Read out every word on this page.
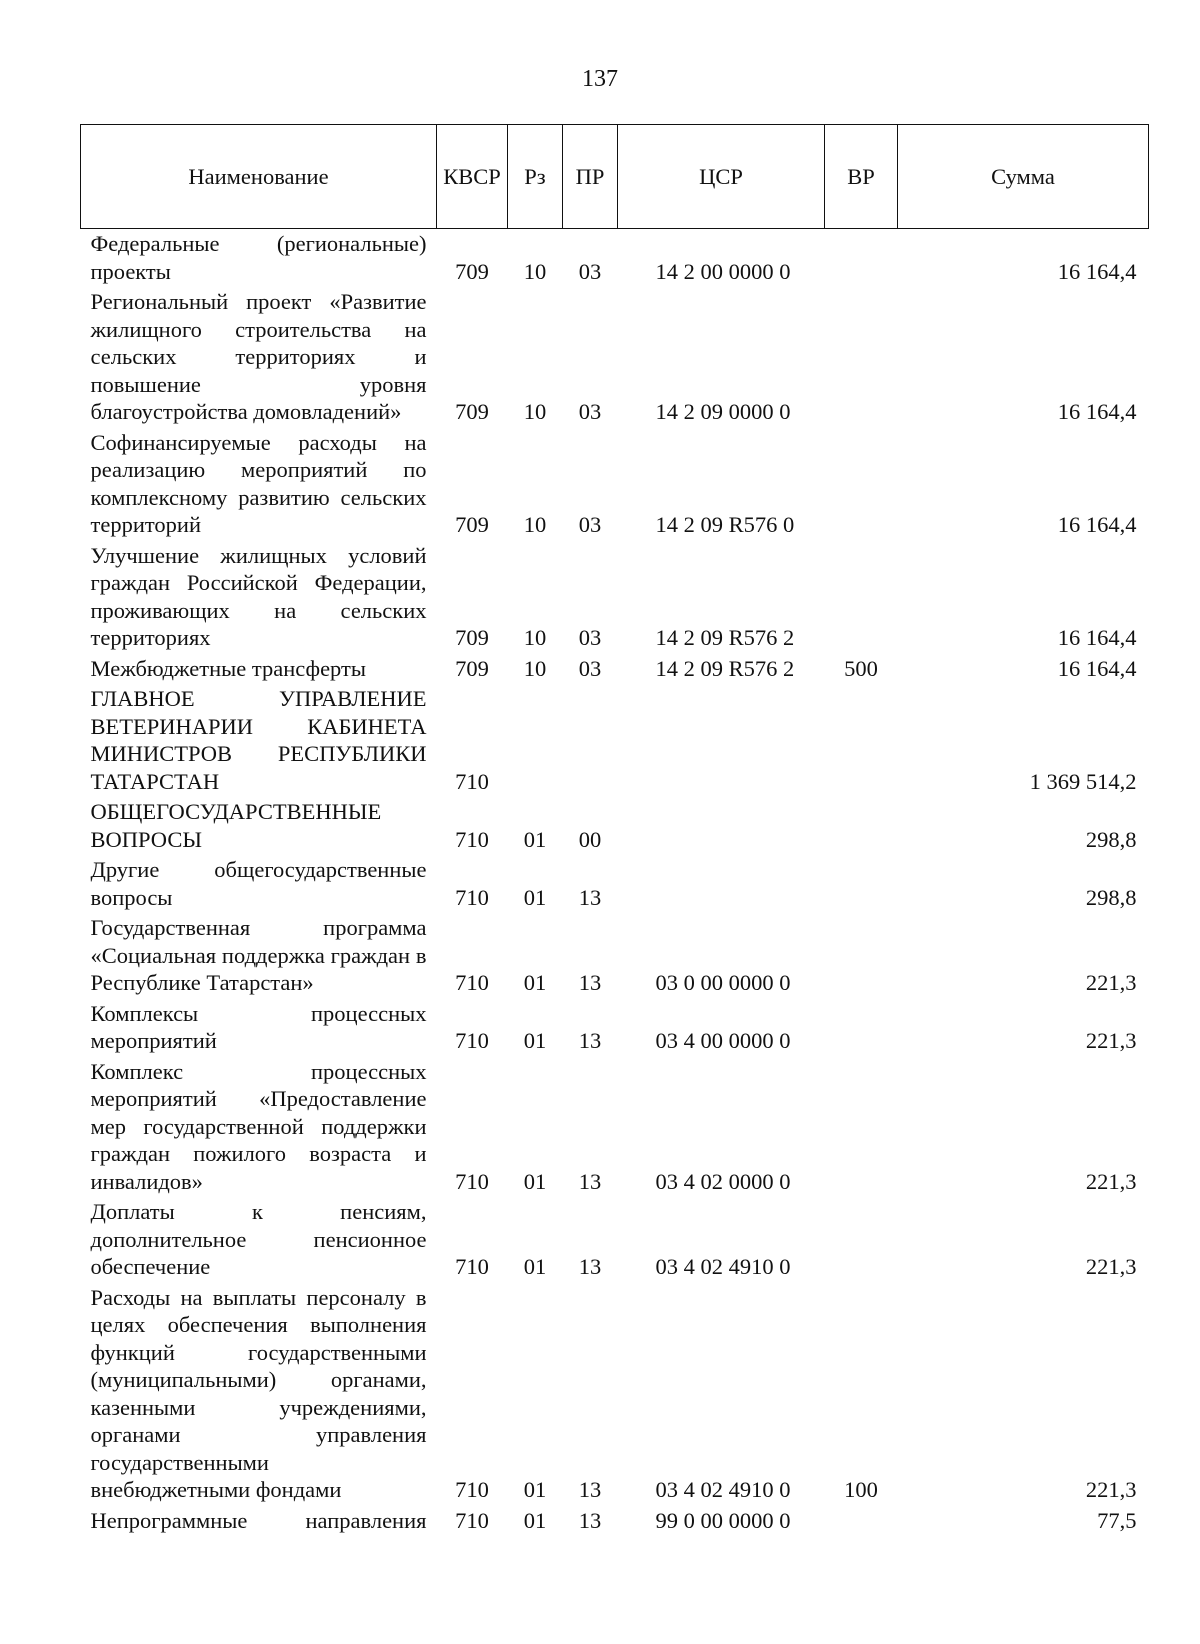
137
Наименование	КВСР	Рз	ПР	ЦСР	ВР	Сумма
Федеральные (региональные) проекты	709	10	03	14 2 00 0000 0		16 164,4
Региональный проект «Развитие жилищного строительства на сельских территориях и повышение уровня благоустройства домовладений»	709	10	03	14 2 09 0000 0		16 164,4
Софинансируемые расходы на реализацию мероприятий по комплексному развитию сельских территорий	709	10	03	14 2 09 R576 0		16 164,4
Улучшение жилищных условий граждан Российской Федерации, проживающих на сельских территориях	709	10	03	14 2 09 R576 2		16 164,4
Межбюджетные трансферты	709	10	03	14 2 09 R576 2	500	16 164,4
ГЛАВНОЕ УПРАВЛЕНИЕ ВЕТЕРИНАРИИ КАБИНЕТА МИНИСТРОВ РЕСПУБЛИКИ ТАТАРСТАН	710					1 369 514,2
ОБЩЕГОСУДАРСТВЕННЫЕ ВОПРОСЫ	710	01	00			298,8
Другие общегосударственные вопросы	710	01	13			298,8
Государственная программа «Социальная поддержка граждан в Республике Татарстан»	710	01	13	03 0 00 0000 0		221,3
Комплексы процессных мероприятий	710	01	13	03 4 00 0000 0		221,3
Комплекс процессных мероприятий «Предоставление мер государственной поддержки граждан пожилого возраста и инвалидов»	710	01	13	03 4 02 0000 0		221,3
Доплаты к пенсиям, дополнительное пенсионное обеспечение	710	01	13	03 4 02 4910 0		221,3
Расходы на выплаты персоналу в целях обеспечения выполнения функций государственными (муниципальными) органами, казенными учреждениями, органами управления государственными внебюджетными фондами	710	01	13	03 4 02 4910 0	100	221,3
Непрограммные направления	710	01	13	99 0 00 0000 0		77,5
